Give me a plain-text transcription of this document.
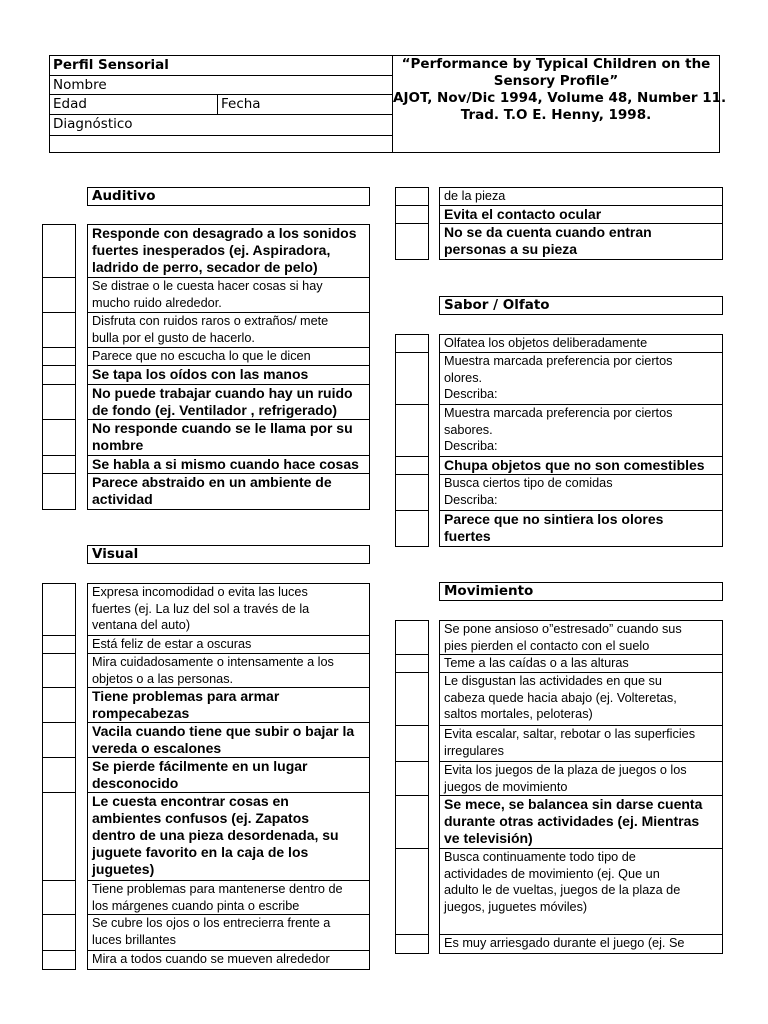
Perfil Sensorial
Nombre
Edad	Fecha
Diagnóstico
“Performance by Typical Children on the
Sensory Profile”
AJOT, Nov/Dic 1994, Volume 48, Number 11.
Trad. T.O E. Henny, 1998.
Auditivo
Visual
Sabor / Olfato
Movimiento
Responde con desagrado a los sonidos
fuertes inesperados (ej. Aspiradora,
ladrido de perro, secador de pelo)
Se distrae o le cuesta hacer cosas si hay
mucho ruido alrededor.
Disfruta con ruidos raros o extraños/ mete
bulla por el gusto de hacerlo.
Parece que no escucha lo que le dicen
Se tapa los oídos con las manos
No puede trabajar cuando hay un ruido
de fondo (ej. Ventilador , refrigerado)
No responde cuando se le llama por su
nombre
Se habla a si mismo cuando hace cosas
Parece abstraido en un ambiente de
actividad
Expresa incomodidad o evita las luces
fuertes (ej. La luz del sol a través de la
ventana del auto)
Está feliz de estar a oscuras
Mira cuidadosamente o intensamente a los
objetos o a las personas.
Tiene problemas para armar
rompecabezas
Vacila cuando tiene que subir o bajar la
vereda o escalones
Se pierde fácilmente en un lugar
desconocido
Le cuesta encontrar cosas en
ambientes confusos (ej. Zapatos
dentro de una pieza desordenada, su
juguete favorito en la caja de los
juguetes)
Tiene problemas para mantenerse dentro de
los márgenes cuando pinta o escribe
Se cubre los ojos o los entrecierra frente a
luces brillantes
Mira a todos cuando se mueven alrededor
de la pieza
Evita el contacto ocular
No se da cuenta cuando entran
personas a su pieza
Olfatea los objetos deliberadamente
Muestra marcada preferencia por ciertos
olores.
Describa:
Muestra marcada preferencia por ciertos
sabores.
Describa:
Chupa objetos que no son comestibles
Busca ciertos tipo de comidas
Describa:
Parece que no sintiera los olores
fuertes
Se pone ansioso o”estresado” cuando sus
pies pierden el contacto con el suelo
Teme a las caídas o a las alturas
Le disgustan las actividades en que su
cabeza quede hacia abajo (ej. Volteretas,
saltos mortales, peloteras)
Evita escalar, saltar, rebotar o las superficies
irregulares
Evita los juegos de la plaza de juegos o los
juegos de movimiento
Se mece, se balancea sin darse cuenta
durante otras actividades (ej. Mientras
ve televisión)
Busca continuamente todo tipo de
actividades de movimiento (ej. Que un
adulto le de vueltas, juegos de la plaza de
juegos, juguetes móviles)
Es muy arriesgado durante el juego (ej. Se
